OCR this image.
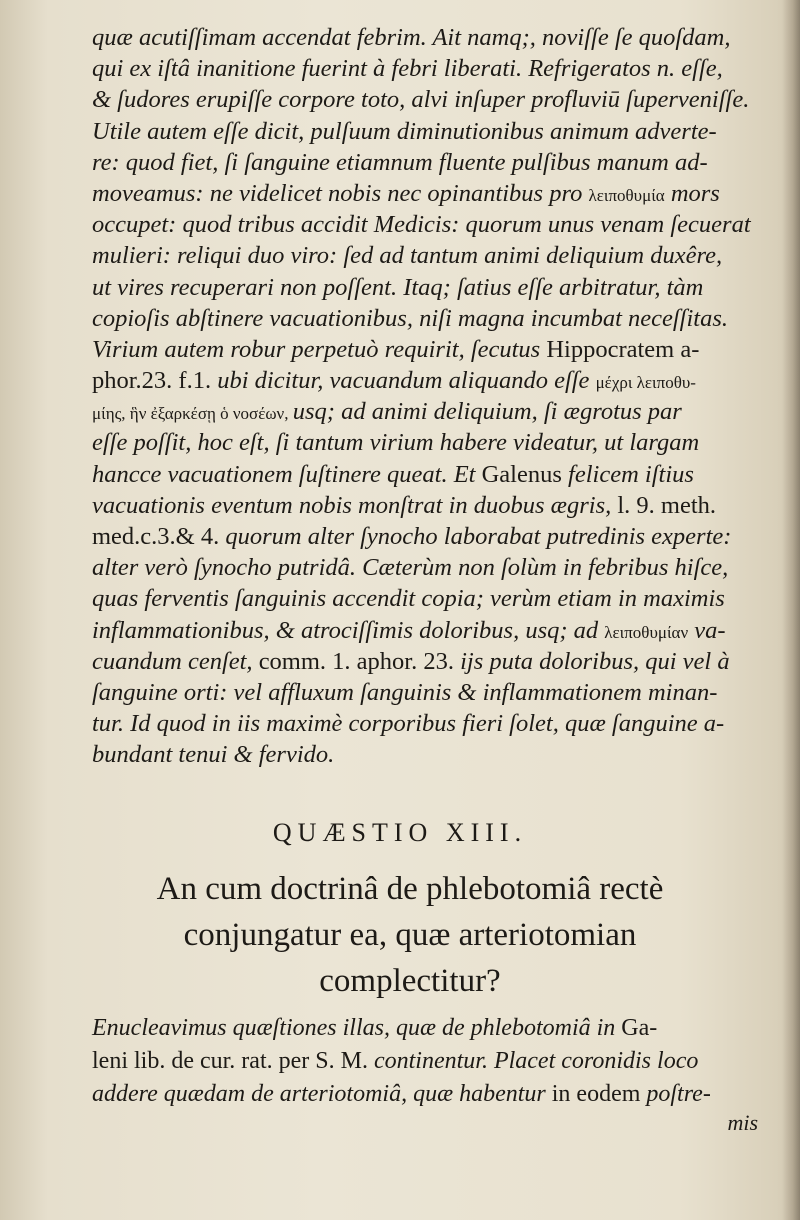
quæ acutiſſimam accendat febrim. Ait namq;, noviſſe ſe quoſdam,
qui ex iſtâ inanitione fuerint à febri liberati. Refrigeratos n. eſſe,
& ſudores erupiſſe corpore toto, alvi inſuper profluviū ſuperveniſſe.
Utile autem eſſe dicit, pulſuum diminutionibus animum adverte-
re: quod fiet, ſi ſanguine etiamnum fluente pulſibus manum ad-
moveamus: ne videlicet nobis nec opinantibus pro λειποθυμία mors
occupet: quod tribus accidit Medicis: quorum unus venam ſecuerat
mulieri: reliqui duo viro: ſed ad tantum animi deliquium duxêre,
ut vires recuperari non poſſent. Itaq; ſatius eſſe arbitratur, tàm
copioſis abſtinere vacuationibus, niſi magna incumbat neceſſitas.
Virium autem robur perpetuò requirit, ſecutus Hippocratem a-
phor.23. f.1. ubi dicitur, vacuandum aliquando eſſe μέχρι λειποθυ-
μίης, ἣν ἐξαρκέσῃ ὁ νοσέων, usq; ad animi deliquium, ſi ægrotus par
eſſe poſſit, hoc eſt, ſi tantum virium habere videatur, ut largam
hancce vacuationem ſuſtinere queat. Et Galenus felicem iſtius
vacuationis eventum nobis monſtrat in duobus ægris, l. 9. meth.
med.c.3.& 4. quorum alter ſynocho laborabat putredinis experte:
alter verò ſynocho putridâ. Cæterùm non ſolùm in febribus hiſce,
quas ferventis ſanguinis accendit copia; verùm etiam in maximis
inflammationibus, & atrociſſimis doloribus, usq; ad λειποθυμίαν va-
cuandum cenſet, comm. 1. aphor. 23. ijs puta doloribus, qui vel à
ſanguine orti: vel affluxum ſanguinis & inflammationem minan-
tur. Id quod in iis maximè corporibus fieri ſolet, quæ ſanguine a-
bundant tenui & fervido.
QUÆSTIO XIII.
An cum doctrinâ de phlebotomiâ rectè
conjungatur ea, quæ arteriotomian
complectitur?
Enucleavimus quæſtiones illas, quæ de phlebotomiâ in Ga-
leni lib. de cur. rat. per S. M. continentur. Placet coronidis loco
addere quædam de arteriotomiâ, quæ habentur in eodem poſtre-
mis
